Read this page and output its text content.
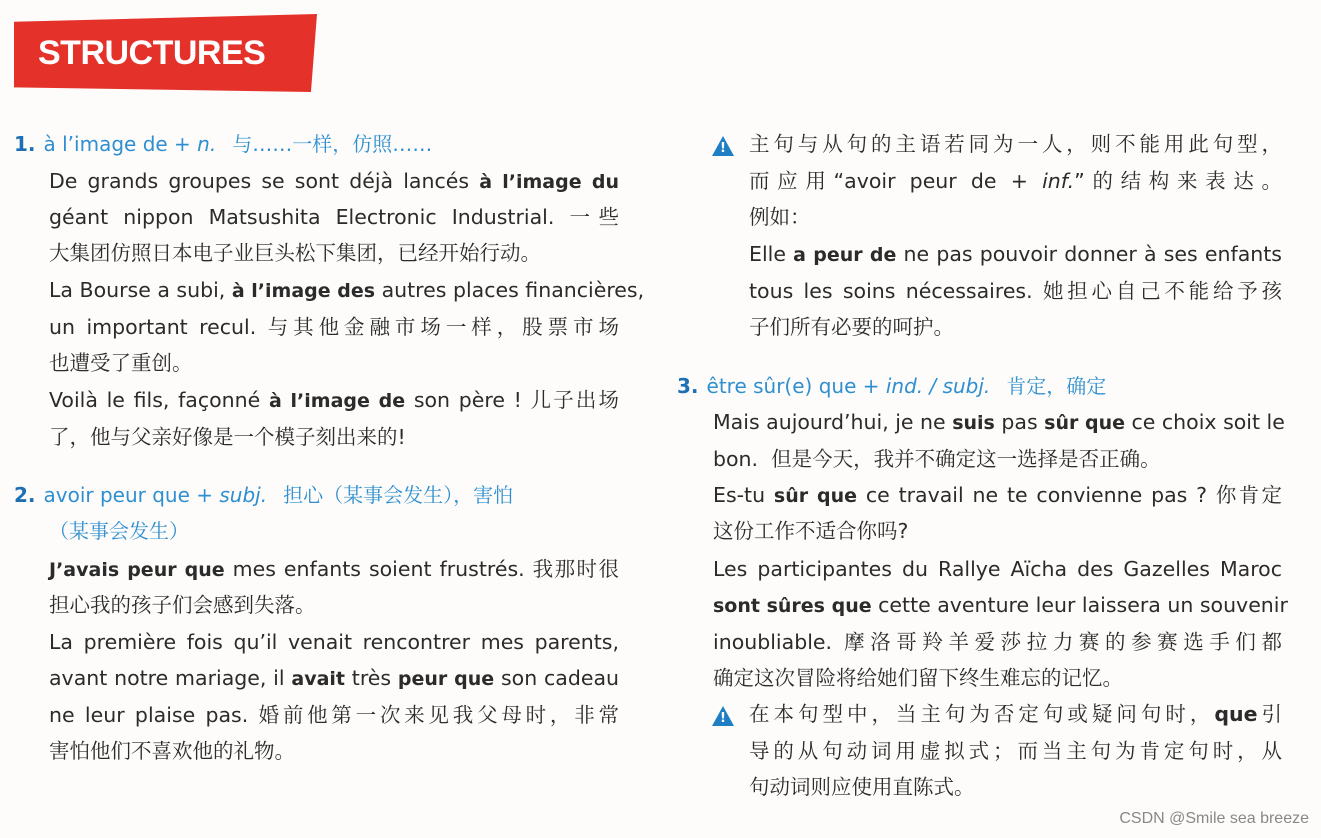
STRUCTURES
1. à l’image de + n. 与……一样，仿照……
De grands groupes se sont déjà lancés à l’image du
géant nippon Matsushita Electronic Industrial. 一些
大集团仿照日本电子业巨头松下集团，已经开始行动。
La Bourse a subi, à l’image des autres places financières,
un important recul. 与其他金融市场一样，股票市场
也遭受了重创。
Voilà le fils, façonné à l’image de son père ! 儿子出场
了，他与父亲好像是一个模子刻出来的!
2. avoir peur que + subj. 担心（某事会发生），害怕
（某事会发生）
J’avais peur que mes enfants soient frustrés. 我那时很
担心我的孩子们会感到失落。
La première fois qu’il venait rencontrer mes parents,
avant notre mariage, il avait très peur que son cadeau
ne leur plaise pas. 婚前他第一次来见我父母时，非常
害怕他们不喜欢他的礼物。
!	主句与从句的主语若同为一人，则不能用此句型，
而应用“avoir peur de + inf.”的结构来表达。
例如：
Elle a peur de ne pas pouvoir donner à ses enfants
tous les soins nécessaires. 她担心自己不能给予孩
子们所有必要的呵护。
3. être sûr(e) que + ind. / subj. 肯定，确定
Mais aujourd’hui, je ne suis pas sûr que ce choix soit le
bon. 但是今天，我并不确定这一选择是否正确。
Es-tu sûr que ce travail ne te convienne pas ? 你肯定
这份工作不适合你吗?
Les participantes du Rallye Aïcha des Gazelles Maroc
sont sûres que cette aventure leur laissera un souvenir
inoubliable. 摩洛哥羚羊爱莎拉力赛的参赛选手们都
确定这次冒险将给她们留下终生难忘的记忆。
!	在本句型中，当主句为否定句或疑问句时，que引
导的从句动词用虚拟式；而当主句为肯定句时，从
句动词则应使用直陈式。
CSDN @Smile sea breeze
